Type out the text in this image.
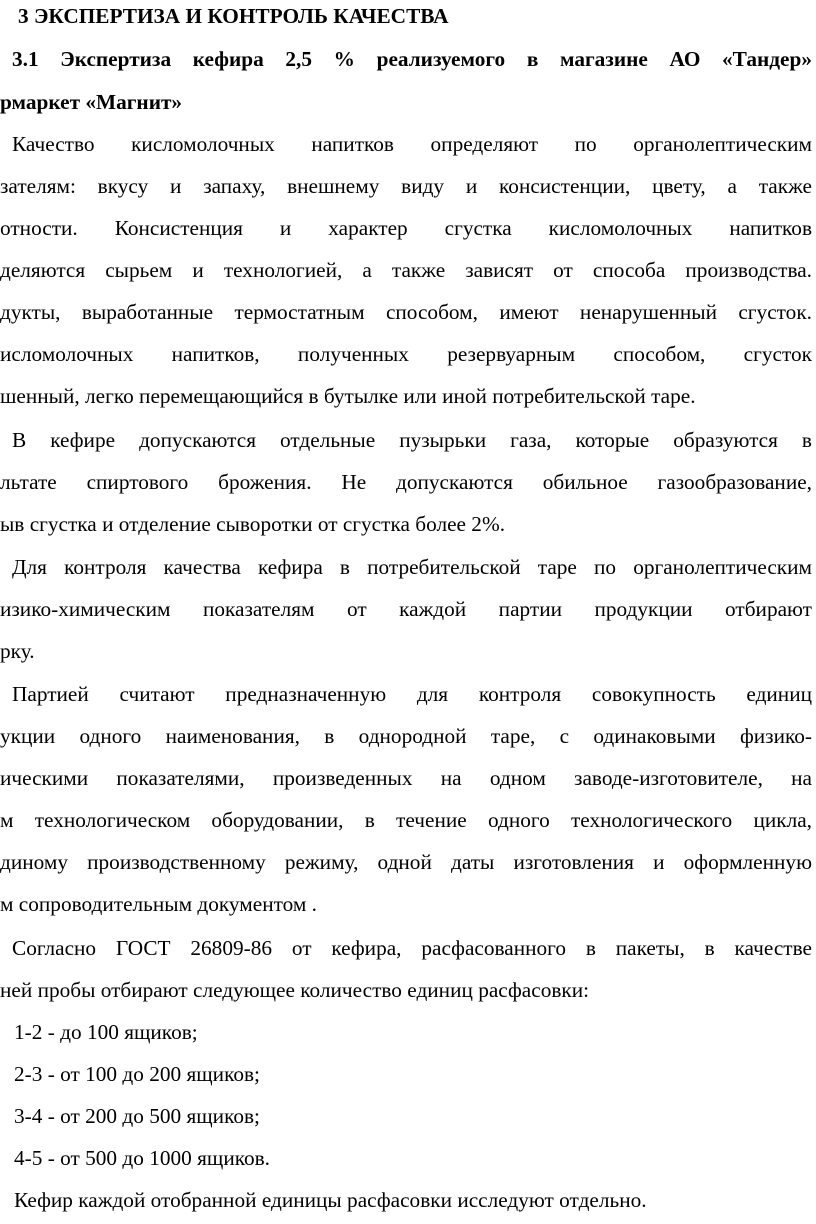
3 ЭКСПЕРТИЗА И КОНТРОЛЬ КАЧЕСТВА

3.1 Экспертиза кефира 2,5 % реализуемого в магазине АО «Тандер»

рмаркет «Магнит»

Качество кисломолочных напитков определяют по органолептическим

зателям: вкусу и запаху, внешнему виду и консистенции, цвету, а также

отности. Консистенция и характер сгустка кисломолочных напитков

деляются сырьем и технологией, а также зависят от способа производства.

дукты, выработанные термостатным способом, имеют ненарушенный сгусток.

исломолочных напитков, полученных резервуарным способом, сгусток

шенный, легко перемещающийся в бутылке или иной потребительской таре.

В кефире допускаются отдельные пузырьки газа, которые образуются в

льтате спиртового брожения. Не допускаются обильное газообразование,

ыв сгустка и отделение сыворотки от сгустка более 2%.

Для контроля качества кефира в потребительской таре по органолептическим

изико-химическим показателям от каждой партии продукции отбирают

рку.

Партией считают предназначенную для контроля совокупность единиц

укции одного наименования, в однородной таре, с одинаковыми физико-

ическими показателями, произведенных на одном заводе-изготовителе, на

м технологическом оборудовании, в течение одного технологического цикла,

диному производственному режиму, одной даты изготовления и оформленную

м сопроводительным документом .

Согласно ГОСТ 26809-86 от кефира, расфасованного в пакеты, в качестве

ней пробы отбирают следующее количество единиц расфасовки:

1-2 - до 100 ящиков;

2-3 - от 100 до 200 ящиков;

3-4 - от 200 до 500 ящиков;

4-5 - от 500 до 1000 ящиков.

Кефир каждой отобранной единицы расфасовки исследуют отдельно.
